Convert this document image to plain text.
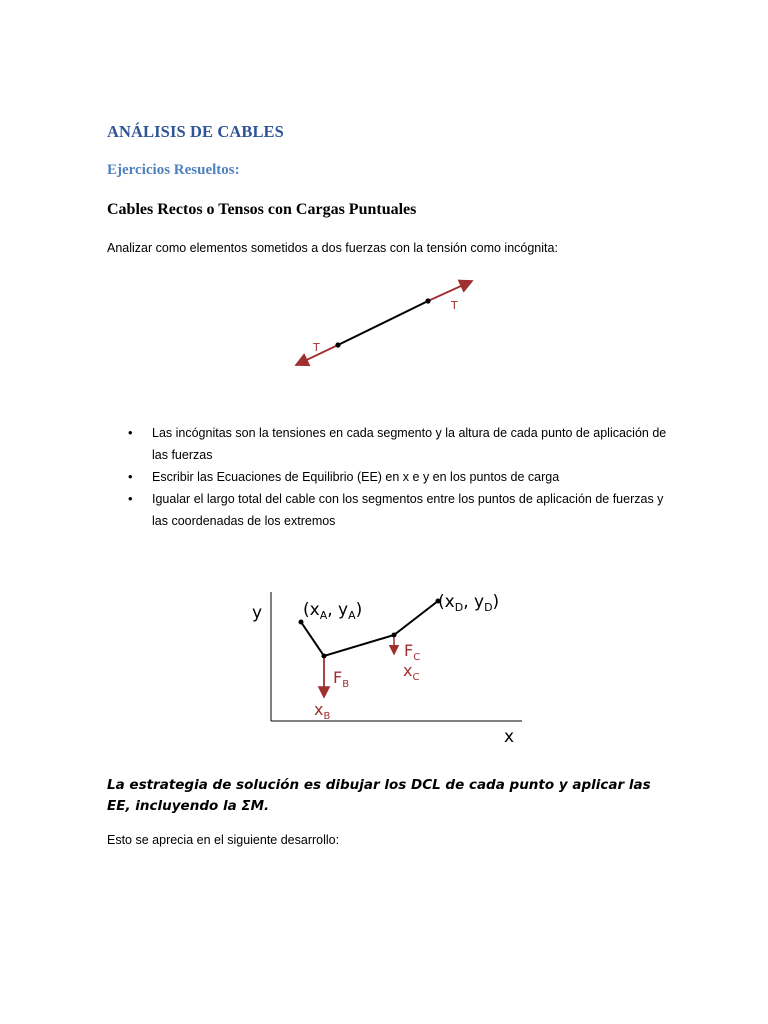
ANÁLISIS DE CABLES
Ejercicios Resueltos:
Cables Rectos o Tensos con Cargas Puntuales
Analizar como elementos sometidos a dos fuerzas con la tensión como incógnita:
T
T
• Las incógnitas son la tensiones en cada segmento y la altura de cada punto de aplicación de las fuerzas
• Escribir las Ecuaciones de Equilibrio (EE) en x e y en los puntos de carga
• Igualar el largo total del cable con los segmentos entre los puntos de aplicación de fuerzas y las coordenadas de los extremos
y
x
($x_A$, $y_A$)	($x_D$, $y_D$)
$F_B$
$F_C$
$x_B$
$x_C$
La estrategia de solución es dibujar los DCL de cada punto y aplicar las EE, incluyendo la ΣM.
Esto se aprecia en el siguiente desarrollo:
